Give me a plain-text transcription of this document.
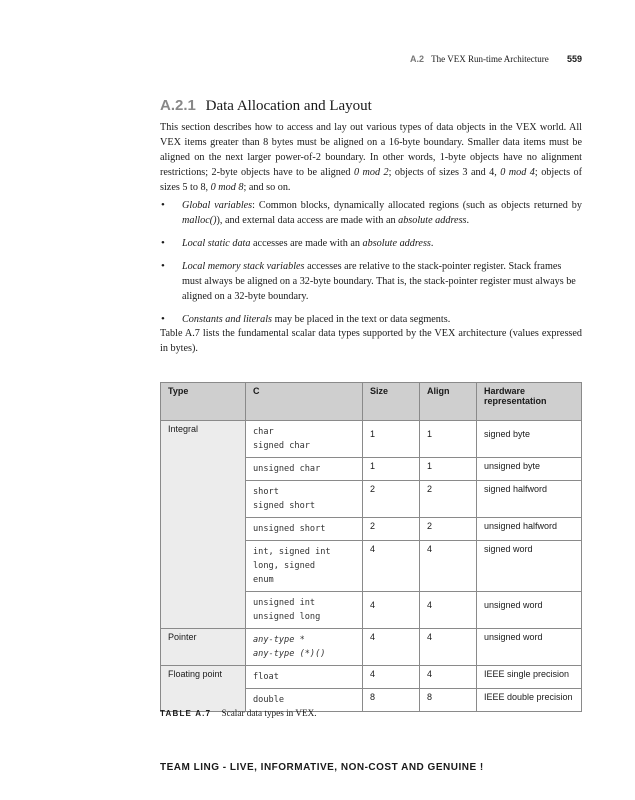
A.2 The VEX Run-time Architecture 559
A.2.1 Data Allocation and Layout

This section describes how to access and lay out various types of data objects in the VEX world. All VEX items greater than 8 bytes must be aligned on a 16-byte boundary. Smaller data items must be aligned on the next larger power-of-2 boundary. In other words, 1-byte objects have no alignment restrictions; 2-byte objects have to be aligned 0 mod 2; objects of sizes 3 and 4, 0 mod 4; objects of sizes 5 to 8, 0 mod 8; and so on.

• Global variables: Common blocks, dynamically allocated regions (such as objects returned by malloc()), and external data access are made with an absolute address.
• Local static data accesses are made with an absolute address.
• Local memory stack variables accesses are relative to the stack-pointer register. Stack frames must always be aligned on a 32-byte boundary. That is, the stack-pointer register must always be aligned on a 32-byte boundary.
• Constants and literals may be placed in the text or data segments.

Table A.7 lists the fundamental scalar data types supported by the VEX architecture (values expressed in bytes).

Type	C	Size	Align	Hardware representation
Integral	char
signed char	1	1	signed byte

	unsigned char	1	1	unsigned byte

	short
signed short	2	2	signed halfword

	unsigned short	2	2	unsigned halfword

	int, signed int
long, signed
enum	4	4	signed word

	unsigned int
unsigned long	4	4	unsigned word
Pointer	any-type *
any-type (*)()	4	4	unsigned word
Floating point	float	4	4	IEEE single precision

	double	8	8	IEEE double precision
TABLE A.7 Scalar data types in VEX.
TEAM LING - LIVE, INFORMATIVE, NON-COST AND GENUINE !
